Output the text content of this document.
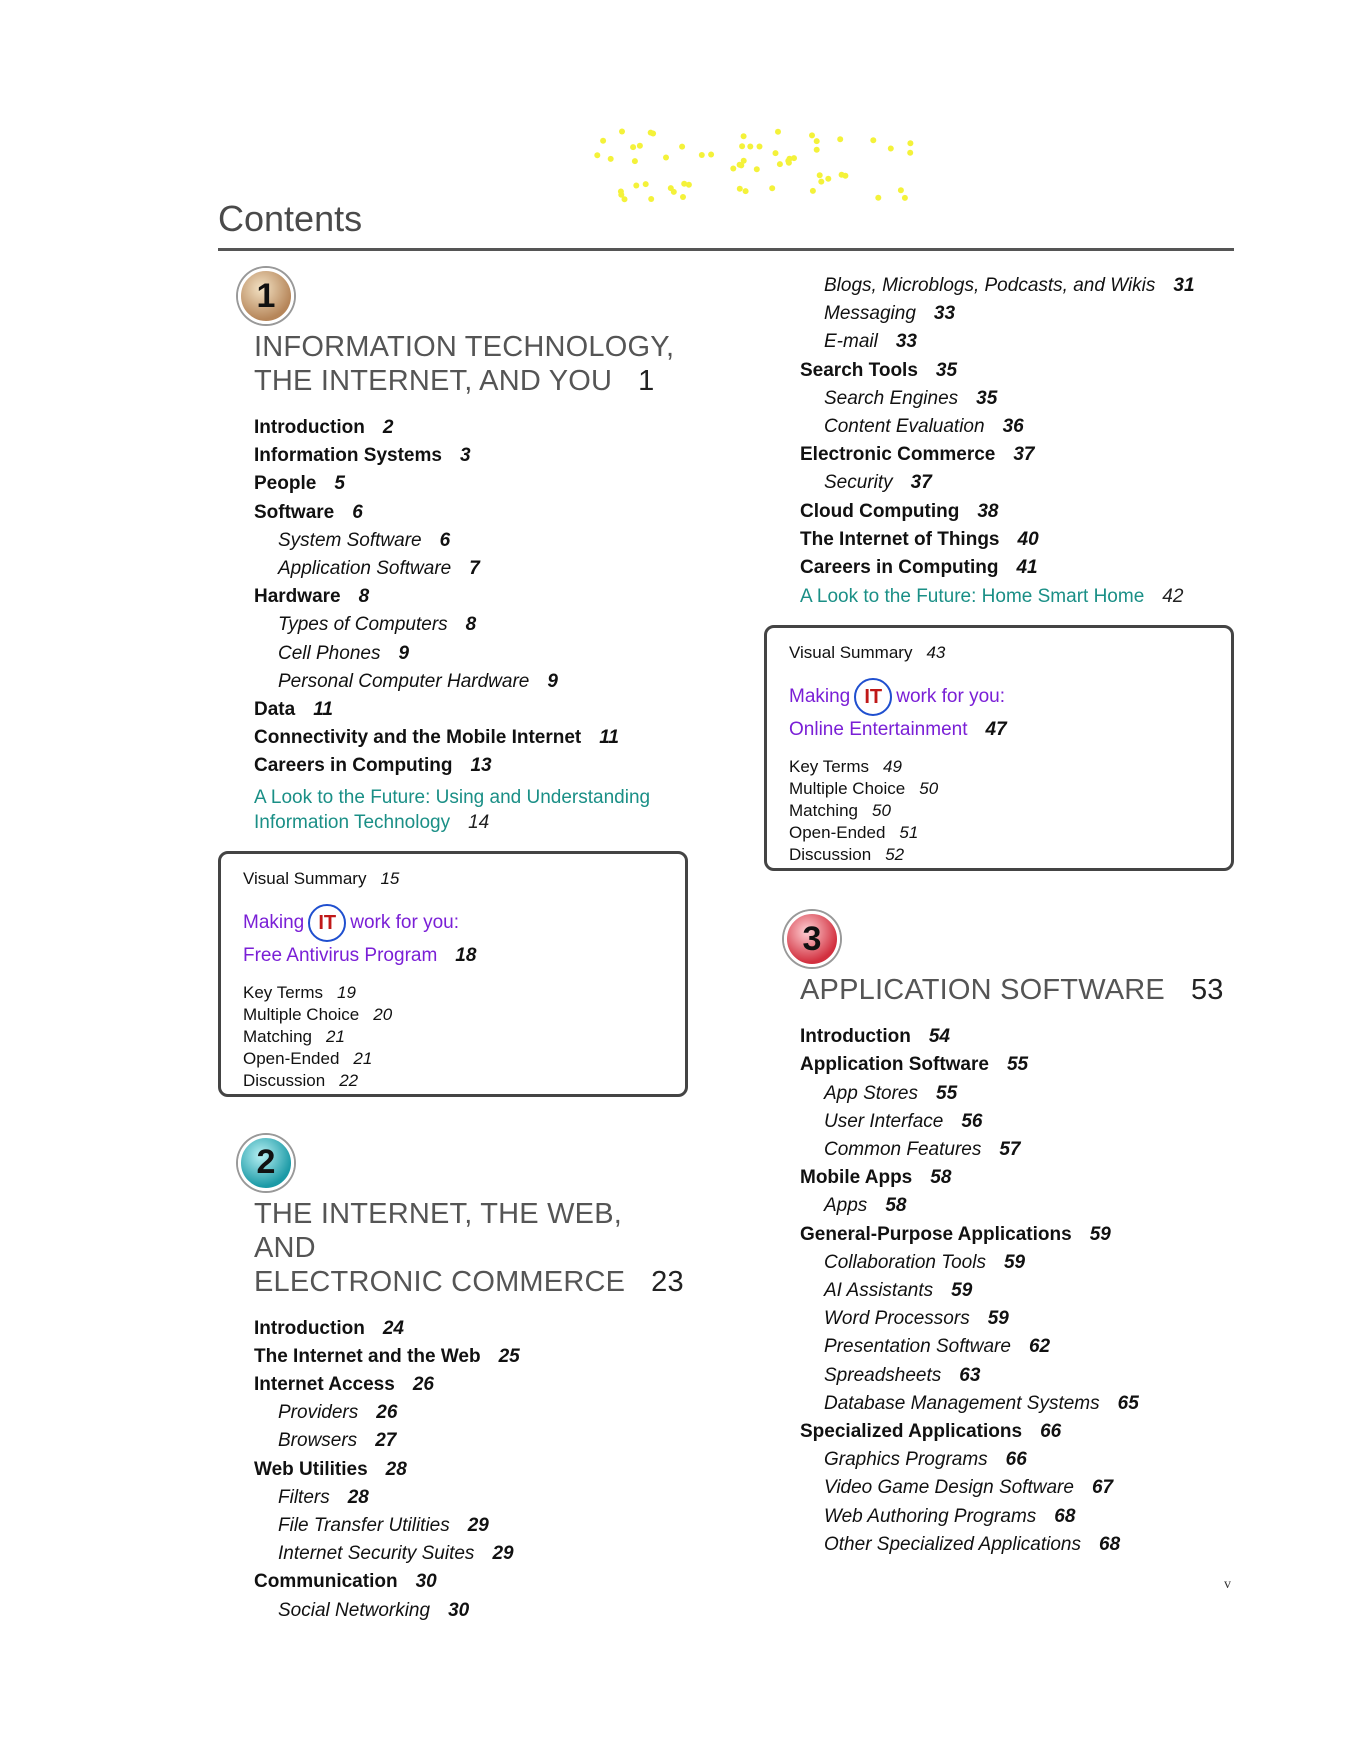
Contents
1
INFORMATION TECHNOLOGY,
THE INTERNET, AND YOU 1
Introduction 2
Information Systems 3
People 5
Software 6
System Software 6
Application Software 7
Hardware 8
Types of Computers 8
Cell Phones 9
Personal Computer Hardware 9
Data 11
Connectivity and the Mobile Internet 11
Careers in Computing 13
A Look to the Future: Using and Understanding
Information Technology 14
Visual Summary 15
Making IT work for you:
Free Antivirus Program 18
Key Terms 19
Multiple Choice 20
Matching 21
Open-Ended 21
Discussion 22
2
THE INTERNET, THE WEB, AND
ELECTRONIC COMMERCE 23
Introduction 24
The Internet and the Web 25
Internet Access 26
Providers 26
Browsers 27
Web Utilities 28
Filters 28
File Transfer Utilities 29
Internet Security Suites 29
Communication 30
Social Networking 30
Blogs, Microblogs, Podcasts, and Wikis 31
Messaging 33
E-mail 33
Search Tools 35
Search Engines 35
Content Evaluation 36
Electronic Commerce 37
Security 37
Cloud Computing 38
The Internet of Things 40
Careers in Computing 41
A Look to the Future: Home Smart Home 42
Visual Summary 43
Making IT work for you:
Online Entertainment 47
Key Terms 49
Multiple Choice 50
Matching 50
Open-Ended 51
Discussion 52
3
APPLICATION SOFTWARE 53
Introduction 54
Application Software 55
App Stores 55
User Interface 56
Common Features 57
Mobile Apps 58
Apps 58
General-Purpose Applications 59
Collaboration Tools 59
AI Assistants 59
Word Processors 59
Presentation Software 62
Spreadsheets 63
Database Management Systems 65
Specialized Applications 66
Graphics Programs 66
Video Game Design Software 67
Web Authoring Programs 68
Other Specialized Applications 68
v
